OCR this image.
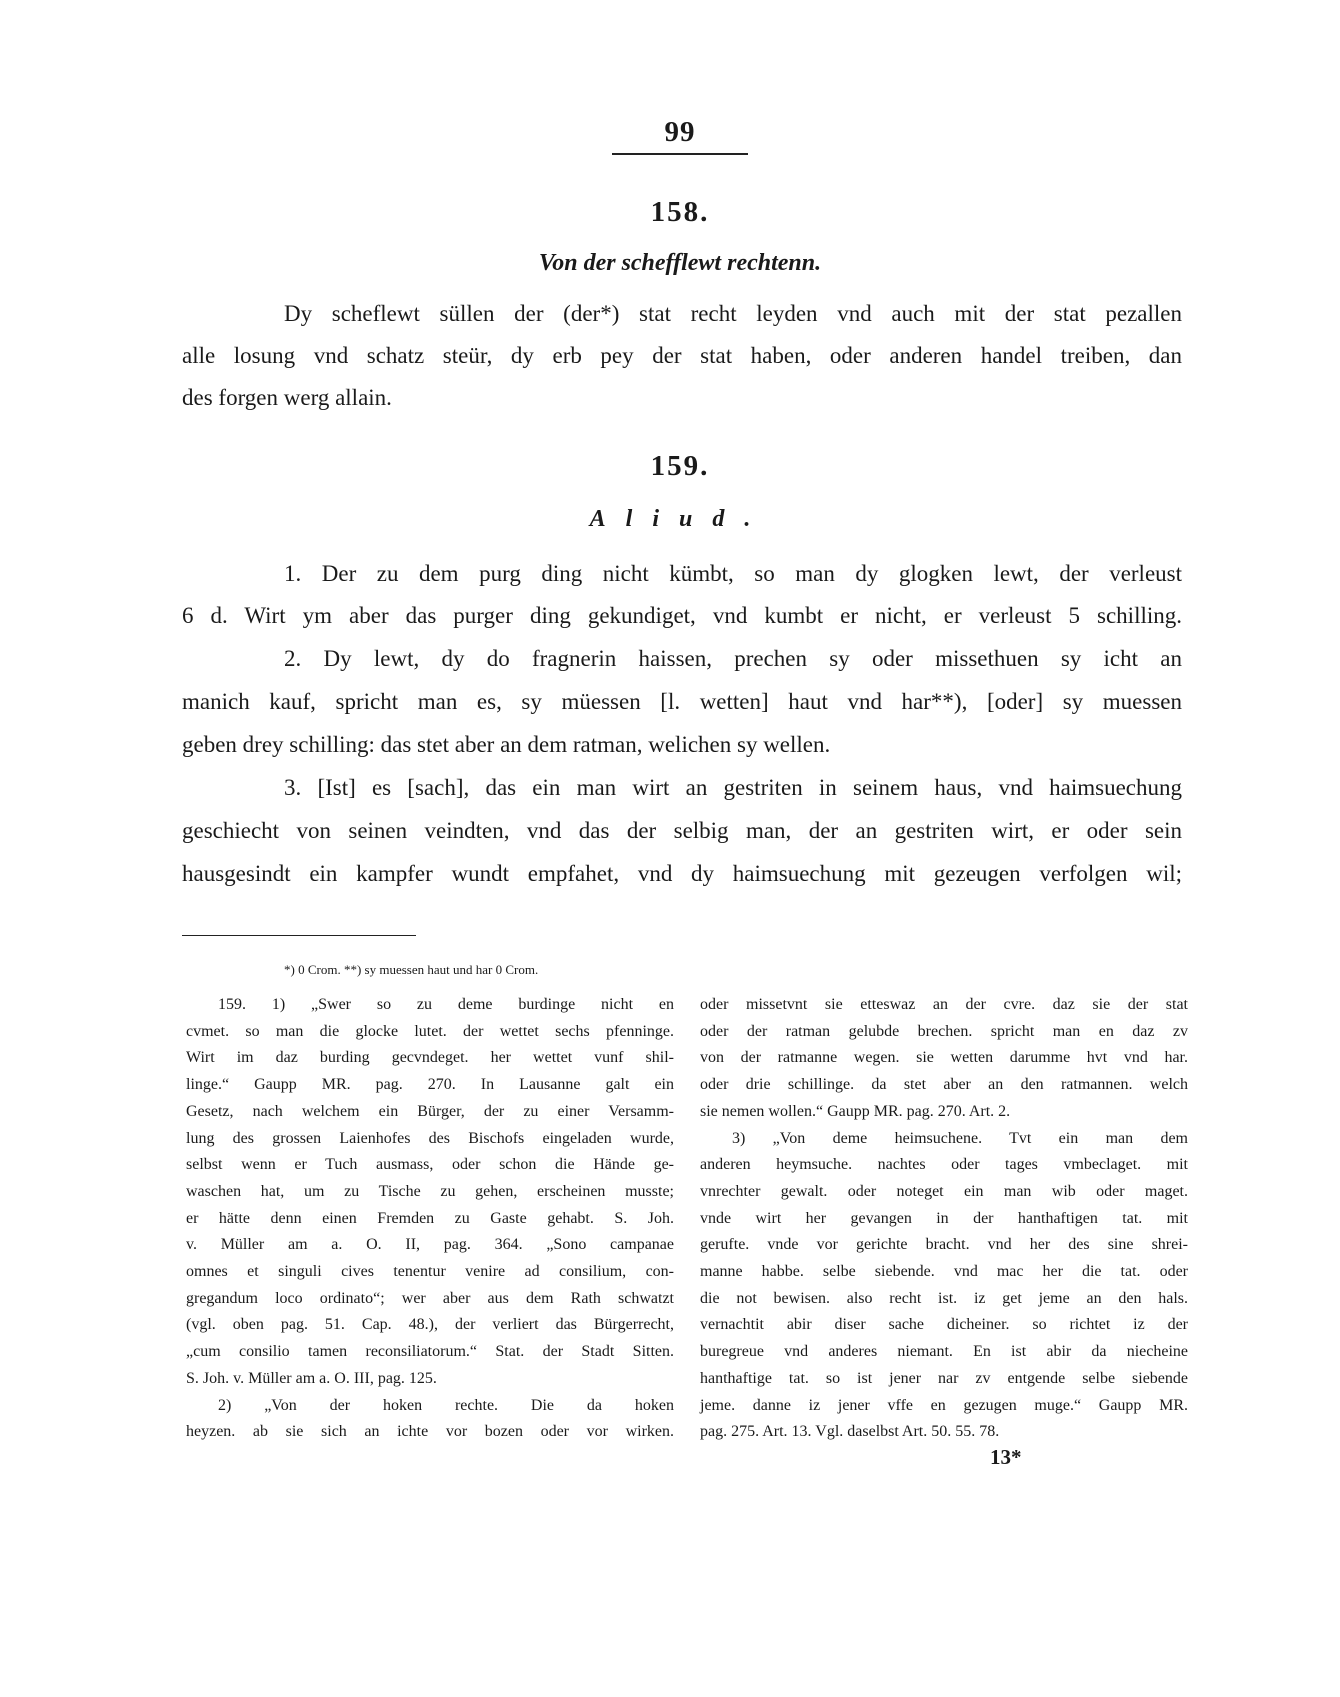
99
158.
Von der schefflewt rechtenn.
Dy scheflewt süllen der (der*) stat recht leyden vnd auch mit der stat pezallen
alle losung vnd schatz steür, dy erb pey der stat haben, oder anderen handel treiben, dan
des forgen werg allain.
159.
Aliud.
1. Der zu dem purg ding nicht kümbt, so man dy glogken lewt, der verleust
6 d. Wirt ym aber das purger ding gekundiget, vnd kumbt er nicht, er verleust 5 schilling.
2. Dy lewt, dy do fragnerin haissen, prechen sy oder missethuen sy icht an
manich kauf, spricht man es, sy müessen [l. wetten] haut vnd har**), [oder] sy muessen
geben drey schilling: das stet aber an dem ratman, welichen sy wellen.
3. [Ist] es [sach], das ein man wirt an gestriten in seinem haus, vnd haimsuechung
geschiecht von seinen veindten, vnd das der selbig man, der an gestriten wirt, er oder sein
hausgesindt ein kampfer wundt empfahet, vnd dy haimsuechung mit gezeugen verfolgen wil;
*) 0 Crom. **) sy muessen haut und har 0 Crom.
159. 1) „Swer so zu deme burdinge nicht en
cvmet. so man die glocke lutet. der wettet sechs pfenninge.
Wirt im daz burding gecvndeget. her wettet vunf shil-
linge.“ Gaupp MR. pag. 270. In Lausanne galt ein
Gesetz, nach welchem ein Bürger, der zu einer Versamm-
lung des grossen Laienhofes des Bischofs eingeladen wurde,
selbst wenn er Tuch ausmass, oder schon die Hände ge-
waschen hat, um zu Tische zu gehen, erscheinen musste;
er hätte denn einen Fremden zu Gaste gehabt. S. Joh.
v. Müller am a. O. II, pag. 364. „Sono campanae
omnes et singuli cives tenentur venire ad consilium, con-
gregandum loco ordinato“; wer aber aus dem Rath schwatzt
(vgl. oben pag. 51. Cap. 48.), der verliert das Bürgerrecht,
„cum consilio tamen reconsiliatorum.“ Stat. der Stadt Sitten.
S. Joh. v. Müller am a. O. III, pag. 125.
2) „Von der hoken rechte. Die da hoken
heyzen. ab sie sich an ichte vor bozen oder vor wirken.
oder missetvnt sie etteswaz an der cvre. daz sie der stat
oder der ratman gelubde brechen. spricht man en daz zv
von der ratmanne wegen. sie wetten darumme hvt vnd har.
oder drie schillinge. da stet aber an den ratmannen. welch
sie nemen wollen.“ Gaupp MR. pag. 270. Art. 2.
3) „Von deme heimsuchene. Tvt ein man dem
anderen heymsuche. nachtes oder tages vmbeclaget. mit
vnrechter gewalt. oder noteget ein man wib oder maget.
vnde wirt her gevangen in der hanthaftigen tat. mit
gerufte. vnde vor gerichte bracht. vnd her des sine shrei-
manne habbe. selbe siebende. vnd mac her die tat. oder
die not bewisen. also recht ist. iz get jeme an den hals.
vernachtit abir diser sache dicheiner. so richtet iz der
buregreue vnd anderes niemant. En ist abir da niecheine
hanthaftige tat. so ist jener nar zv entgende selbe siebende
jeme. danne iz jener vffe en gezugen muge.“ Gaupp MR.
pag. 275. Art. 13. Vgl. daselbst Art. 50. 55. 78.
13*
